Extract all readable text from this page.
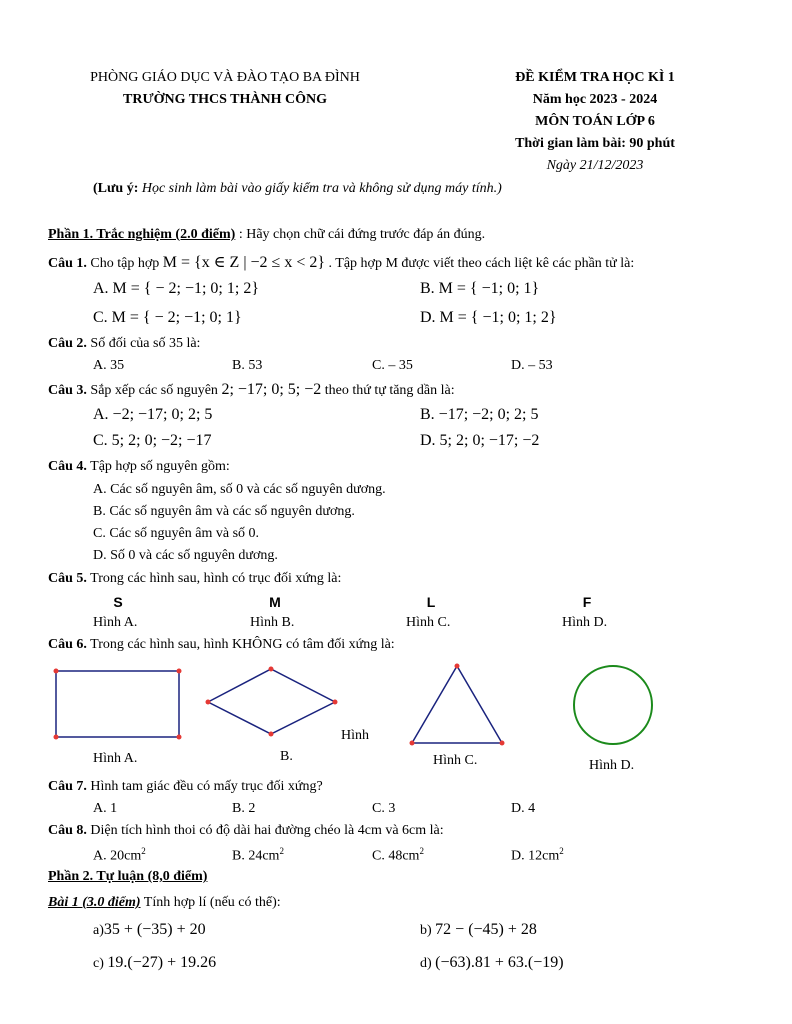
PHÒNG GIÁO DỤC VÀ ĐÀO TẠO BA ĐÌNH
TRƯỜNG THCS THÀNH CÔNG
ĐỀ KIỂM TRA HỌC KÌ 1
Năm học 2023 - 2024
MÔN TOÁN LỚP 6
Thời gian làm bài: 90 phút
Ngày 21/12/2023
(Lưu ý: Học sinh làm bài vào giấy kiểm tra và không sử dụng máy tính.)
Phần 1. Trắc nghiệm (2.0 điểm) : Hãy chọn chữ cái đứng trước đáp án đúng.
Câu 1. Cho tập hợp M = {x ∈ Z | −2 ≤ x < 2} . Tập hợp M được viết theo cách liệt kê các phần tử là:
A. M = { − 2; −1; 0; 1; 2}	B. M = { −1; 0; 1}
C. M = { − 2; −1; 0; 1}	D. M = { −1; 0; 1; 2}
Câu 2. Số đối của số 35 là:
A. 35	B. 53	C. – 35	D. – 53
Câu 3. Sắp xếp các số nguyên 2; −17; 0; 5; −2 theo thứ tự tăng dần là:
A. −2; −17; 0; 2; 5	B. −17; −2; 0; 2; 5
C. 5; 2; 0; −2; −17	D. 5; 2; 0; −17; −2
Câu 4. Tập hợp số nguyên gồm:
A. Các số nguyên âm, số 0 và các số nguyên dương.
B. Các số nguyên âm và các số nguyên dương.
C. Các số nguyên âm và số 0.
D. Số 0 và các số nguyên dương.
Câu 5. Trong các hình sau, hình có trục đối xứng là:
S	M	L	F
Hình A.	Hình B.	Hình C.	Hình D.
Câu 6. Trong các hình sau, hình KHÔNG có tâm đối xứng là:
Hình A.
Hình
B.	Hình C.	Hình D.
Câu 7. Hình tam giác đều có mấy trục đối xứng?
A. 1	B. 2	C. 3	D. 4
Câu 8. Diện tích hình thoi có độ dài hai đường chéo là 4cm và 6cm là:
A. $20cm^2$	B. $24cm^2$	C. $48cm^2$	D. $12cm^2$
Phần 2. Tự luận (8,0 điểm)
Bài 1 (3.0 điểm) Tính hợp lí (nếu có thể):
a)35 + (−35) + 20	b) 72 − (−45) + 28
c) 19.(−27) + 19.26	d) (−63).81 + 63.(−19)
